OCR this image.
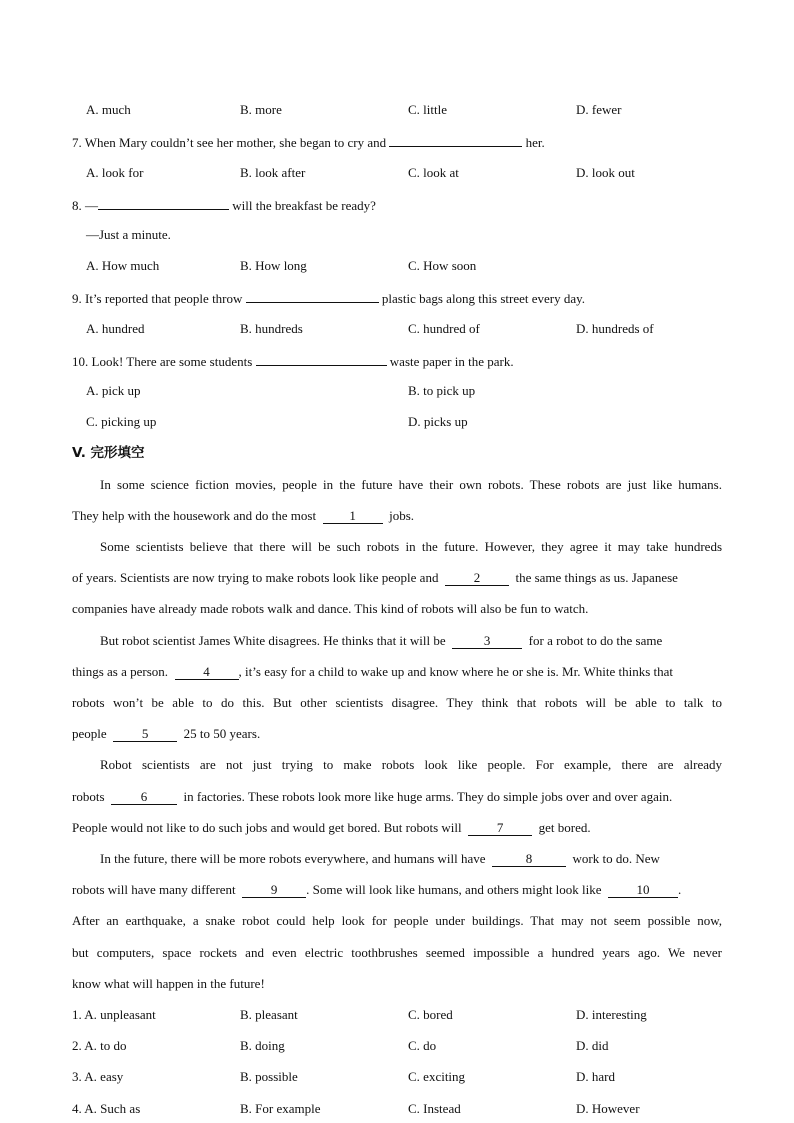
A. much	B. more	C. little	D. fewer
7. When Mary couldn’t see her mother, she began to cry and	her.
A. look for	B. look after	C. look at	D. look out
8. —	will the breakfast be ready?
—Just a minute.
A. How much	B. How long	C. How soon
9. It’s reported that people throw	plastic bags along this street every day.
A. hundred	B. hundreds	C. hundred of	D. hundreds of
10. Look! There are some students	waste paper in the park.
A. pick up	B. to pick up
C. picking up	D. picks up
V. 完形填空
In some science fiction movies, people in the future have their own robots. These robots are just like humans.
They help with the housework and do the most	1	jobs.
Some scientists believe that there will be such robots in the future. However, they agree it may take hundreds
of years. Scientists are now trying to make robots look like people and	2	the same things as us. Japanese
companies have already made robots walk and dance. This kind of robots will also be fun to watch.
But robot scientist James White disagrees. He thinks that it will be	3	for a robot to do the same
things as a person.	4 , it’s easy for a child to wake up and know where he or she is. Mr. White thinks that
robots won’t be able to do this. But other scientists disagree. They think that robots will be able to talk to
people	5	25 to 50 years.
Robot scientists are not just trying to make robots look like people. For example, there are already
robots	6	in factories. These robots look more like huge arms. They do simple jobs over and over again.
People would not like to do such jobs and would get bored. But robots will	7	get bored.
In the future, there will be more robots everywhere, and humans will have	8	work to do. New
robots will have many different	9 . Some will look like humans, and others might look like	10 .
After an earthquake, a snake robot could help look for people under buildings. That may not seem possible now,
but computers, space rockets and even electric toothbrushes seemed impossible a hundred years ago. We never
know what will happen in the future!
1. A. unpleasant	B. pleasant	C. bored	D. interesting
2. A. to do	B. doing	C. do	D. did
3. A. easy	B. possible	C. exciting	D. hard
4. A. Such as	B. For example	C. Instead	D. However
